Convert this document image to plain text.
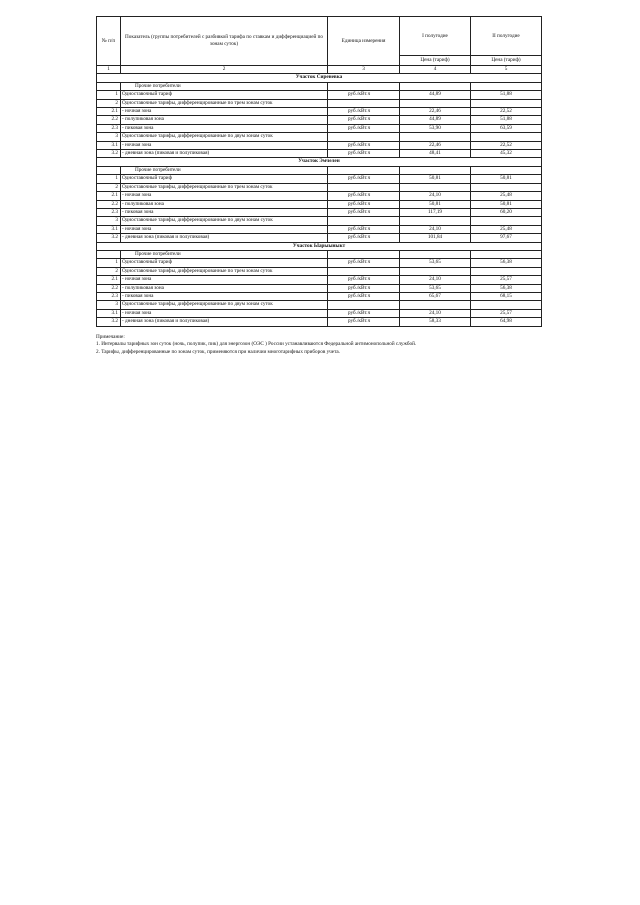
№ п/п	Показатель (группы потребителей с разбивкой тарифа по ставкам и дифференциацией по зонам суток)	Единица измерения	I полугодие	II полугодие
			Цена (тариф)	Цена (тариф)
1	2	3	4	5
Участок Сиреневка				
	Прочие потребители			
1	Одноставочный тариф	руб./кВт.ч	44,89	51,88
2	Одноставочные тарифы, дифференцированные по трем зонам суток			
2.1	- ночная зона	руб./кВт.ч	22,46	22,52
2.2	- полупиковая зона	руб./кВт.ч	44,89	51,88
2.3	- пиковая зона	руб./кВт.ч	53,90	63,59
3	Одноставочные тарифы, дифференцированные по двум зонам суток			
3.1	- ночная зона	руб./кВт.ч	22,46	22,52
3.2	- дневная зона (пиковая и полупиковая)	руб./кВт.ч	48,41	45,32
Участок Эмчелен				
	Прочие потребители			
1	Одноставочный тариф	руб./кВт.ч	50,81	50,81
2	Одноставочные тарифы, дифференцированные по трем зонам суток			
2.1	- ночная зона	руб./кВт.ч	24,10	25,48
2.2	- полупиковая зона	руб./кВт.ч	50,81	50,81
2.3	- пиковая зона	руб./кВт.ч	117,19	60,20
3	Одноставочные тарифы, дифференцированные по двум зонам суток			
3.1	- ночная зона	руб./кВт.ч	24,10	25,48
3.2	- дневная зона (пиковая и полупиковая)	руб./кВт.ч	101,84	97,67
Участок Ыарыыныкт				
	Прочие потребители			
1	Одноставочный тариф	руб./кВт.ч	53,65	56,38
2	Одноставочные тарифы, дифференцированные по трем зонам суток			
2.1	- ночная зона	руб./кВт.ч	24,10	25,57
2.2	- полупиковая зона	руб./кВт.ч	53,65	56,38
2.3	- пиковая зона	руб./кВт.ч	65,67	68,15
3	Одноставочные тарифы, дифференцированные по двум зонам суток			
3.1	- ночная зона	руб./кВт.ч	24,10	25,57
3.2	- дневная зона (пиковая и полупиковая)	руб./кВт.ч	58,33	64,98
Примечание:
1. Интервалы тарифных зон суток (ночь, полупик, пик) для энергозон (ОЭС ) России устанавливаются Федеральной антимонопольной службой.
2. Тарифы, дифференцированные по зонам суток, применяются при наличии многотарифных приборов учета.
